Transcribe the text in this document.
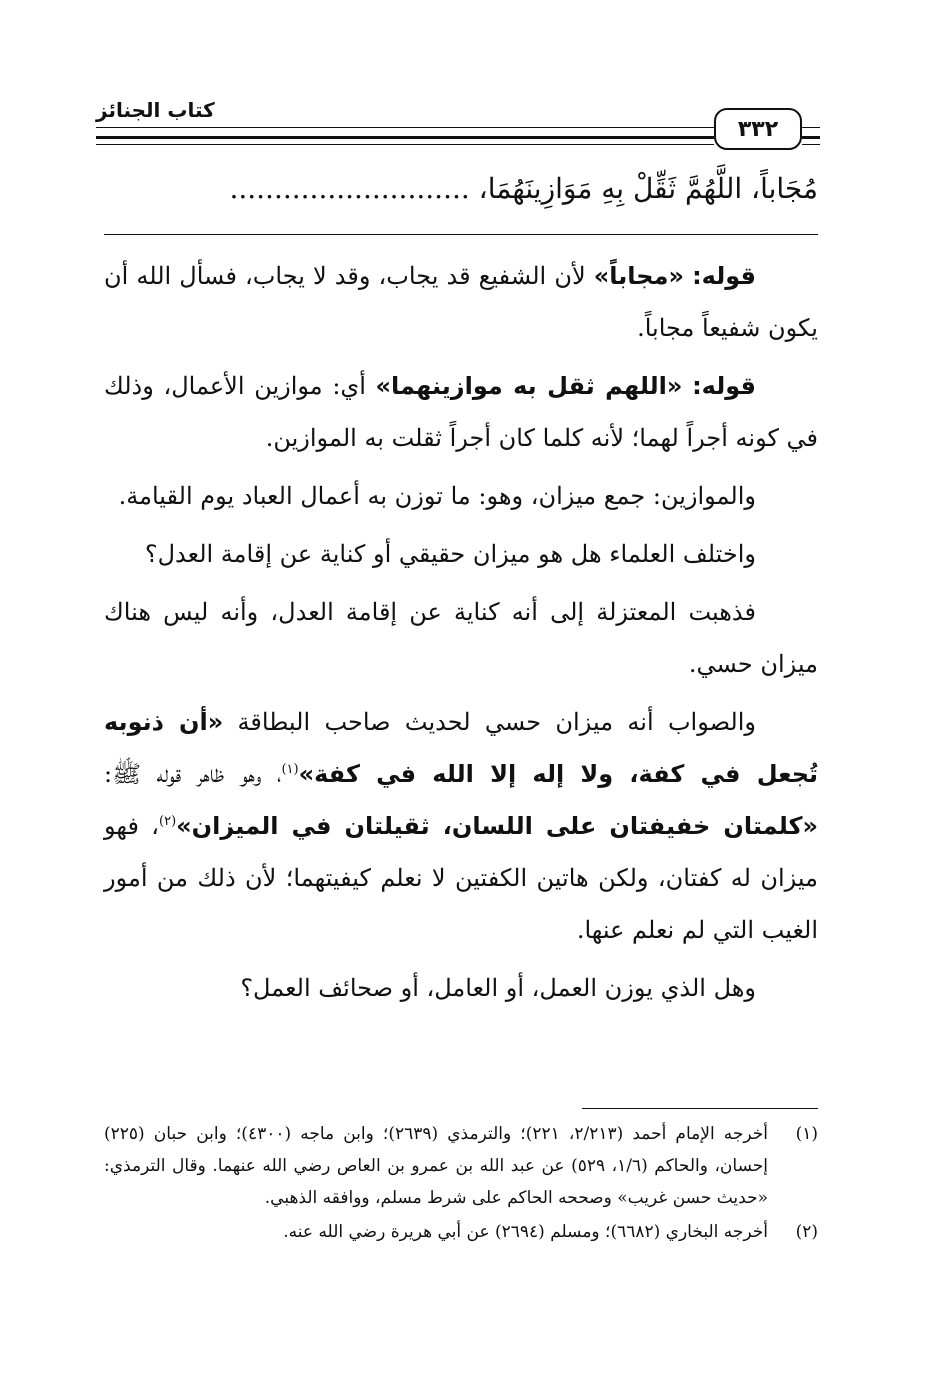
كتاب الجنائز
٣٣٢
مُجَاباً، اللَّهُمَّ ثَقِّلْ بِهِ مَوَازِينَهُمَا، ...........................

قوله: «مجاباً» لأن الشفيع قد يجاب، وقد لا يجاب، فسأل الله أن يكون شفيعاً مجاباً.

قوله: «اللهم ثقل به موازينهما» أي: موازين الأعمال، وذلك في كونه أجراً لهما؛ لأنه كلما كان أجراً ثقلت به الموازين.

والموازين: جمع ميزان، وهو: ما توزن به أعمال العباد يوم القيامة.

واختلف العلماء هل هو ميزان حقيقي أو كناية عن إقامة العدل؟

فذهبت المعتزلة إلى أنه كناية عن إقامة العدل، وأنه ليس هناك ميزان حسي.

والصواب أنه ميزان حسي لحديث صاحب البطاقة «أن ذنوبه تُجعل في كفة، ولا إله إلا الله في كفة»$^{(١)}$، وهو ظاهر قوله ﷺ: «كلمتان خفيفتان على اللسان، ثقيلتان في الميزان»$^{(٢)}$، فهو ميزان له كفتان، ولكن هاتين الكفتين لا نعلم كيفيتهما؛ لأن ذلك من أمور الغيب التي لم نعلم عنها.

وهل الذي يوزن العمل، أو العامل، أو صحائف العمل؟

(١)
أخرجه الإمام أحمد (٢/٢١٣، ٢٢١)؛ والترمذي (٢٦٣٩)؛ وابن ماجه (٤٣٠٠)؛ وابن حبان (٢٢٥) إحسان، والحاكم (١/٦، ٥٢٩) عن عبد الله بن عمرو بن العاص رضي الله عنهما. وقال الترمذي: «حديث حسن غريب» وصححه الحاكم على شرط مسلم، ووافقه الذهبي.
(٢)
أخرجه البخاري (٦٦٨٢)؛ ومسلم (٢٦٩٤) عن أبي هريرة رضي الله عنه.
